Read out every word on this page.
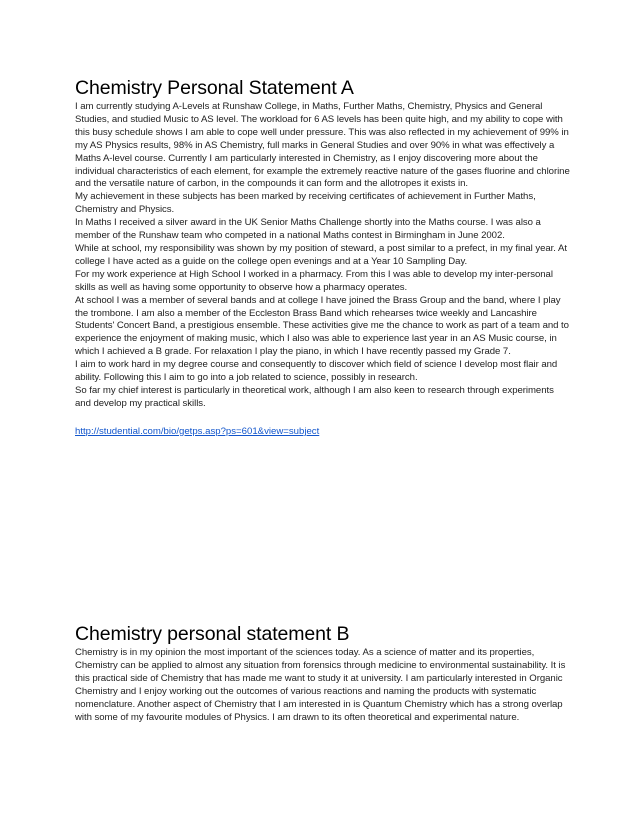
Chemistry Personal Statement A

I am currently studying A-Levels at Runshaw College, in Maths, Further Maths, Chemistry, Physics and General Studies, and studied Music to AS level. The workload for 6 AS levels has been quite high, and my ability to cope with this busy schedule shows I am able to cope well under pressure. This was also reflected in my achievement of 99% in my AS Physics results, 98% in AS Chemistry, full marks in General Studies and over 90% in what was effectively a Maths A-level course. Currently I am particularly interested in Chemistry, as I enjoy discovering more about the individual characteristics of each element, for example the extremely reactive nature of the gases fluorine and chlorine and the versatile nature of carbon, in the compounds it can form and the allotropes it exists in.

My achievement in these subjects has been marked by receiving certificates of achievement in Further Maths, Chemistry and Physics.

In Maths I received a silver award in the UK Senior Maths Challenge shortly into the Maths course. I was also a member of the Runshaw team who competed in a national Maths contest in Birmingham in June 2002.

While at school, my responsibility was shown by my position of steward, a post similar to a prefect, in my final year. At college I have acted as a guide on the college open evenings and at a Year 10 Sampling Day.

For my work experience at High School I worked in a pharmacy. From this I was able to develop my inter-personal skills as well as having some opportunity to observe how a pharmacy operates.

At school I was a member of several bands and at college I have joined the Brass Group and the band, where I play the trombone. I am also a member of the Eccleston Brass Band which rehearses twice weekly and Lancashire Students' Concert Band, a prestigious ensemble. These activities give me the chance to work as part of a team and to experience the enjoyment of making music, which I also was able to experience last year in an AS Music course, in which I achieved a B grade. For relaxation I play the piano, in which I have recently passed my Grade 7.

I aim to work hard in my degree course and consequently to discover which field of science I develop most flair and ability. Following this I aim to go into a job related to science, possibly in research.

So far my chief interest is particularly in theoretical work, although I am also keen to research through experiments and develop my practical skills.

http://studential.com/bio/getps.asp?ps=601&view=subject
Chemistry personal statement B

Chemistry is in my opinion the most important of the sciences today. As a science of matter and its properties, Chemistry can be applied to almost any situation from forensics through medicine to environmental sustainability. It is this practical side of Chemistry that has made me want to study it at university. I am particularly interested in Organic Chemistry and I enjoy working out the outcomes of various reactions and naming the products with systematic nomenclature. Another aspect of Chemistry that I am interested in is Quantum Chemistry which has a strong overlap with some of my favourite modules of Physics. I am drawn to its often theoretical and experimental nature.
